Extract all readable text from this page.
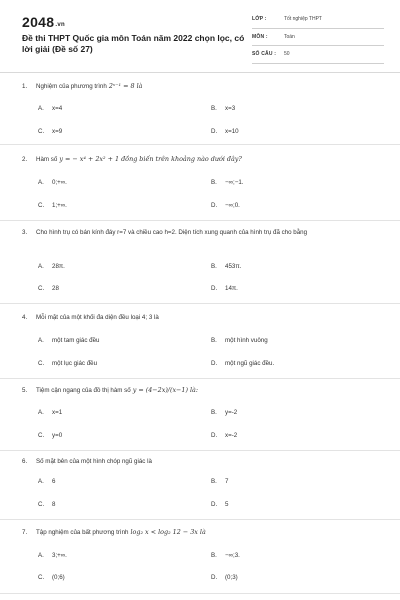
2048.vn
Đề thi THPT Quốc gia môn Toán năm 2022 chọn lọc, có lời giải (Đề số 27)
LỚP :	Tốt nghiệp THPT
MÔN :	Toán
SỐ CÂU : 50
1. Nghiệm của phương trình 2ˣ⁻¹ = 8 là
A. x=4	B. x=3
C. x=9	D. x=10
2. Hàm số y = − x⁴ + 2x² + 1 đồng biến trên khoảng nào dưới đây?
A. 0;+∞.	B. −∞;−1.
C. 1;+∞.	D. −∞;0.
3. Cho hình trụ có bán kính đáy r=7 và chiều cao h=2. Diện tích xung quanh của hình trụ đã cho bằng
A. 28π.	B. 453π.
C. 28	D. 14π.
4. Mỗi mặt của một khối đa diện đều loại 4; 3 là
A. một tam giác đều	B. một hình vuông
C. một lục giác đều	D. một ngũ giác đều.
5. Tiệm cận ngang của đồ thị hàm số y = (4−2x)/(x−1) là:
A. x=1	B. y=-2
C. y=0	D. x=-2
6. Số mặt bên của một hình chóp ngũ giác là
A. 6	B. 7
C. 8	D. 5
7. Tập nghiệm của bất phương trình log₂ x < log₂ 12 − 3x là
A. 3;+∞.	B. −∞;3.
C. (0;6)	D. (0;3)
